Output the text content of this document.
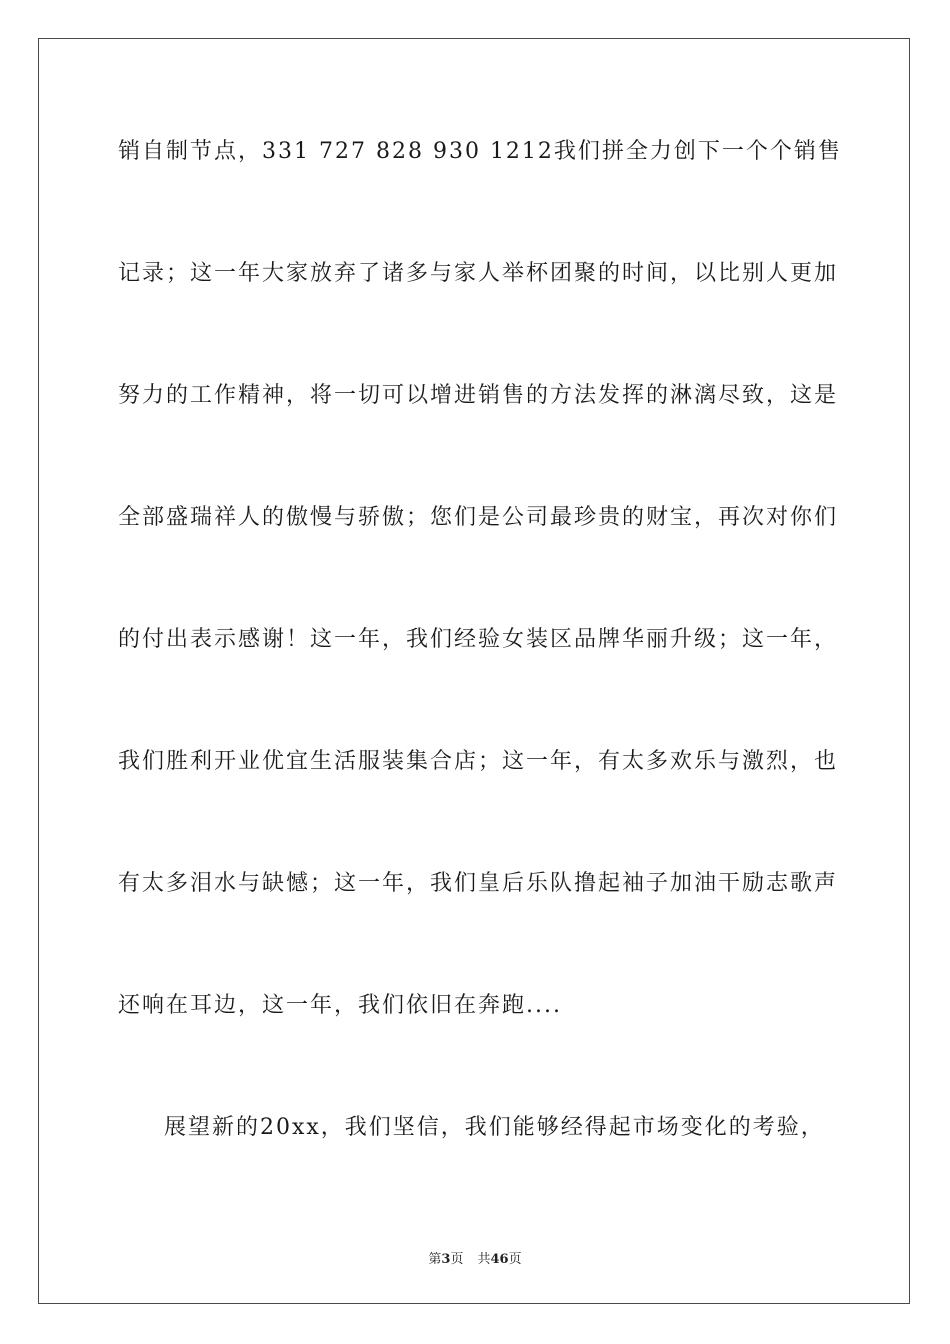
销自制节点，331 727 828 930 1212我们拼全力创下一个个销售
记录；这一年大家放弃了诸多与家人举杯团聚的时间，以比别人更加
努力的工作精神，将一切可以增进销售的方法发挥的淋漓尽致，这是
全部盛瑞祥人的傲慢与骄傲；您们是公司最珍贵的财宝，再次对你们
的付出表示感谢！这一年，我们经验女装区品牌华丽升级；这一年，
我们胜利开业优宜生活服装集合店；这一年，有太多欢乐与激烈，也
有太多泪水与缺憾；这一年，我们皇后乐队撸起袖子加油干励志歌声
还响在耳边，这一年，我们依旧在奔跑....
展望新的20xx，我们坚信，我们能够经得起市场变化的考验，
第3页 共46页
